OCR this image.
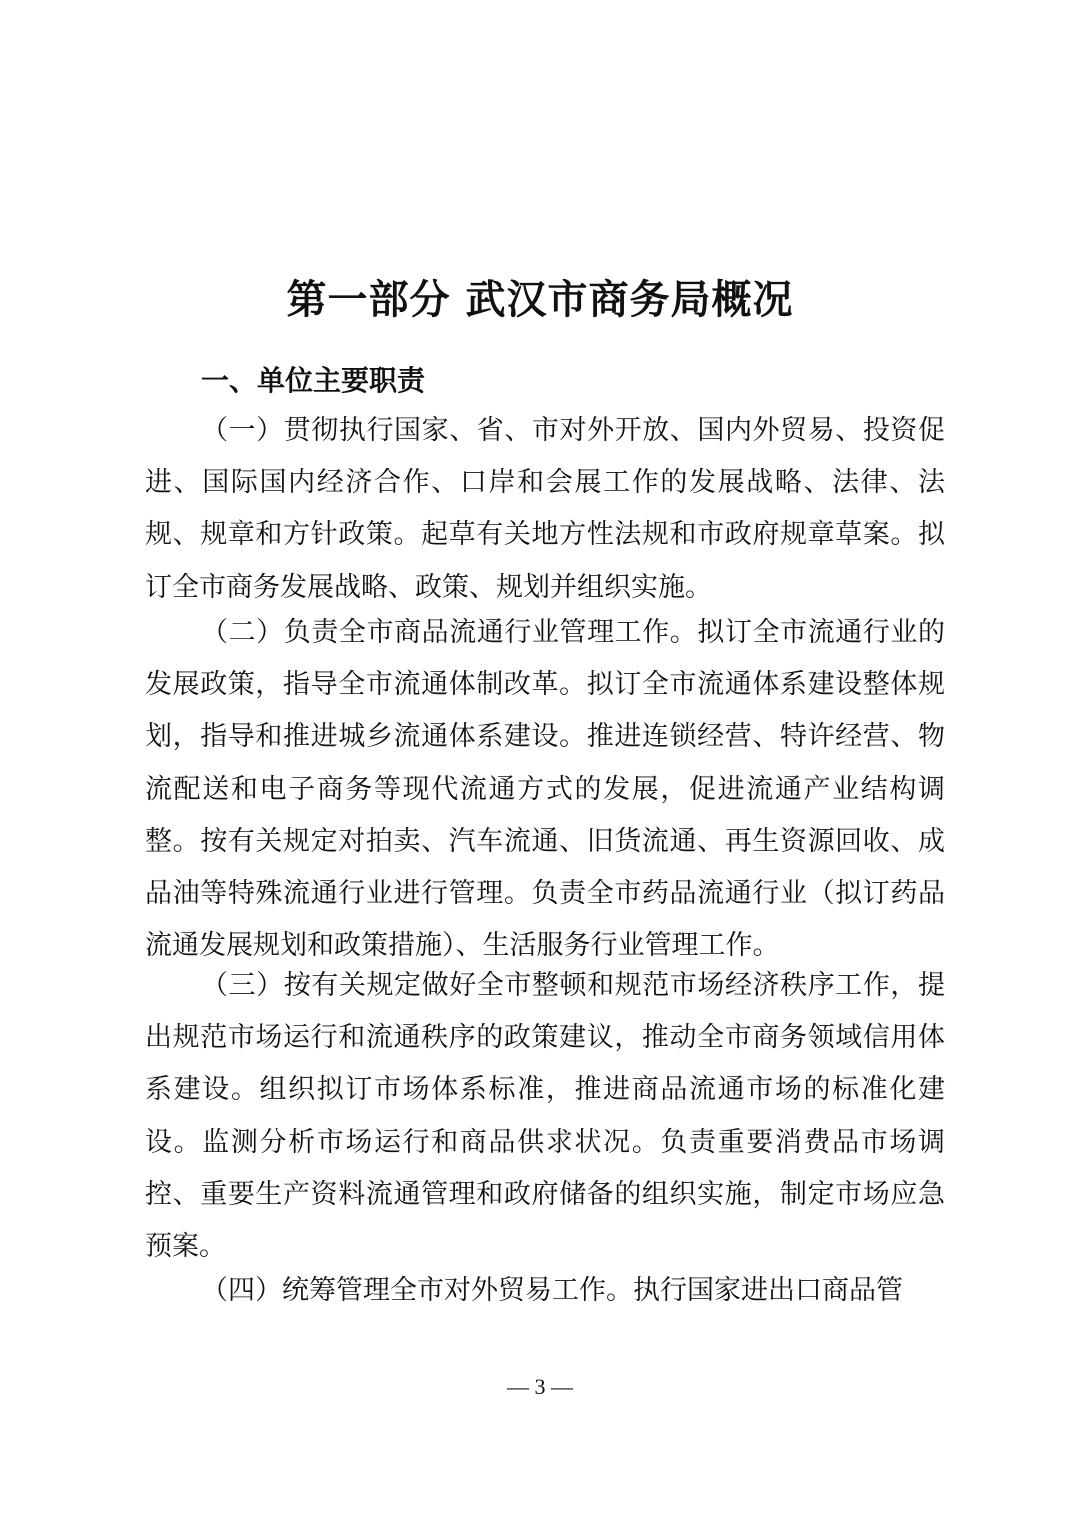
第一部分 武汉市商务局概况
一、单位主要职责

（一）贯彻执行国家、省、市对外开放、国内外贸易、投资促进、国际国内经济合作、口岸和会展工作的发展战略、法律、法规、规章和方针政策。起草有关地方性法规和市政府规章草案。拟订全市商务发展战略、政策、规划并组织实施。

（二）负责全市商品流通行业管理工作。拟订全市流通行业的发展政策，指导全市流通体制改革。拟订全市流通体系建设整体规划，指导和推进城乡流通体系建设。推进连锁经营、特许经营、物流配送和电子商务等现代流通方式的发展，促进流通产业结构调整。按有关规定对拍卖、汽车流通、旧货流通、再生资源回收、成品油等特殊流通行业进行管理。负责全市药品流通行业（拟订药品流通发展规划和政策措施）、生活服务行业管理工作。

（三）按有关规定做好全市整顿和规范市场经济秩序工作，提出规范市场运行和流通秩序的政策建议，推动全市商务领域信用体系建设。组织拟订市场体系标准，推进商品流通市场的标准化建设。监测分析市场运行和商品供求状况。负责重要消费品市场调控、重要生产资料流通管理和政府储备的组织实施，制定市场应急预案。

（四）统筹管理全市对外贸易工作。执行国家进出口商品管

— 3 —
